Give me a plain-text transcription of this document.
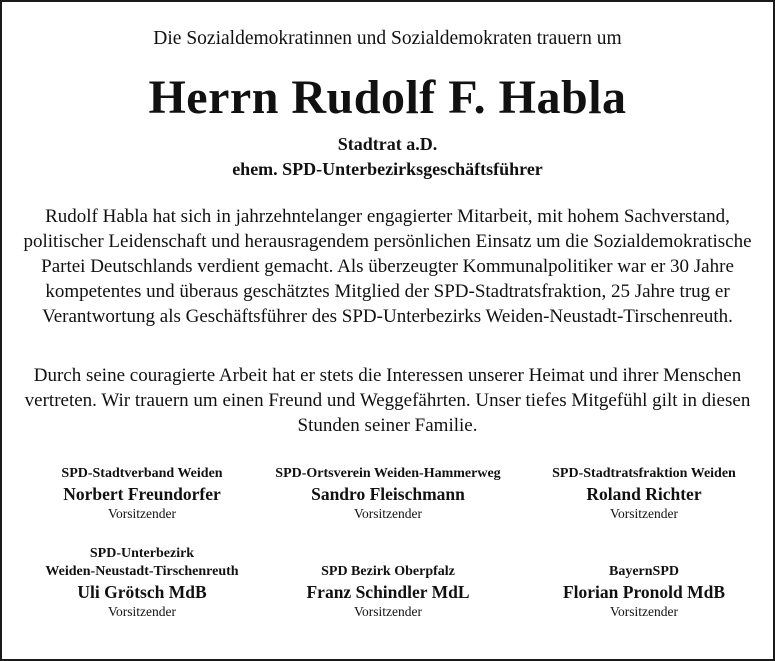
Die Sozialdemokratinnen und Sozialdemokraten trauern um
Herrn Rudolf F. Habla
Stadtrat a.D.
ehem. SPD-Unterbezirksgeschäftsführer
Rudolf Habla hat sich in jahrzehntelanger engagierter Mitarbeit, mit hohem Sachverstand, politischer Leidenschaft und herausragendem persönlichen Einsatz um die Sozialdemokratische Partei Deutschlands verdient gemacht. Als überzeugter Kommunalpolitiker war er 30 Jahre kompetentes und überaus geschätztes Mitglied der SPD-Stadtratsfraktion, 25 Jahre trug er Verantwortung als Geschäftsführer des SPD-Unterbezirks Weiden-Neustadt-Tirschenreuth.
Durch seine couragierte Arbeit hat er stets die Interessen unserer Heimat und ihrer Menschen vertreten. Wir trauern um einen Freund und Weggefährten. Unser tiefes Mitgefühl gilt in diesen Stunden seiner Familie.
SPD-Stadtverband Weiden
Norbert Freundorfer
Vorsitzender
SPD-Ortsverein Weiden-Hammerweg
Sandro Fleischmann
Vorsitzender
SPD-Stadtratsfraktion Weiden
Roland Richter
Vorsitzender
SPD-Unterbezirk
Weiden-Neustadt-Tirschenreuth
Uli Grötsch MdB
Vorsitzender
SPD Bezirk Oberpfalz
Franz Schindler MdL
Vorsitzender
BayernSPD
Florian Pronold MdB
Vorsitzender
